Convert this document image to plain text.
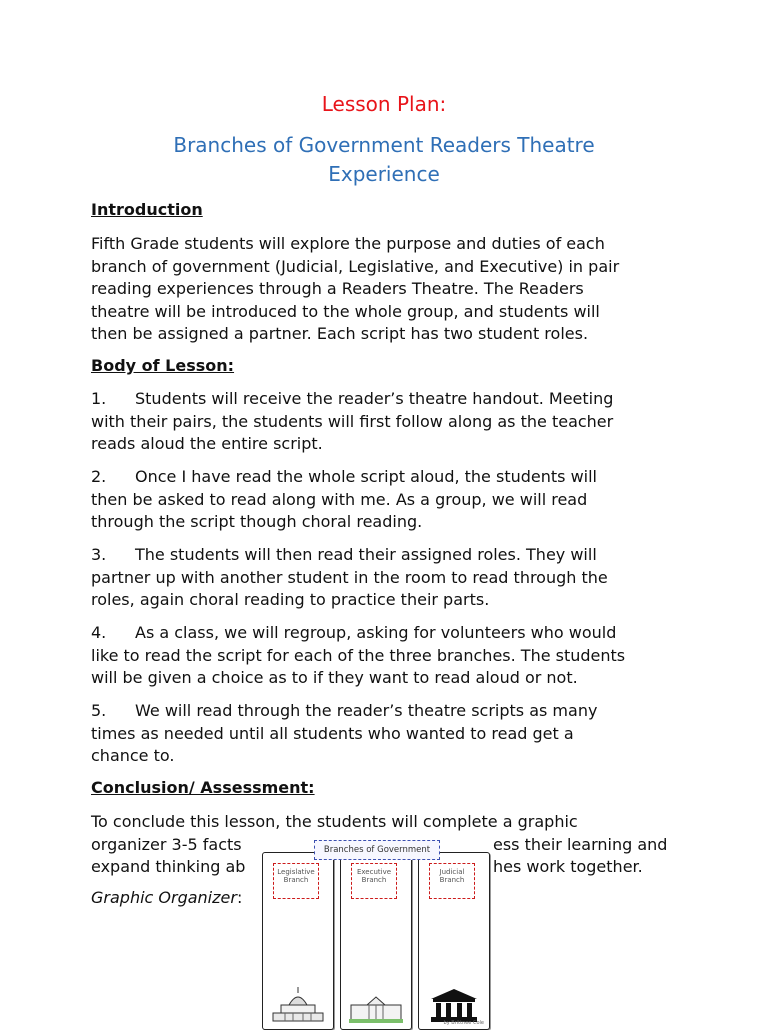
Lesson Plan:
Branches of Government Readers Theatre
Experience
Introduction
Fifth Grade students will explore the purpose and duties of each
branch of government (Judicial, Legislative, and Executive) in pair
reading experiences through a Readers Theatre. The Readers
theatre will be introduced to the whole group, and students will
then be assigned a partner. Each script has two student roles.
Body of Lesson:
1. Students will receive the reader’s theatre handout. Meeting
with their pairs, the students will first follow along as the teacher
reads aloud the entire script.
2. Once I have read the whole script aloud, the students will
then be asked to read along with me. As a group, we will read
through the script though choral reading.
3. The students will then read their assigned roles. They will
partner up with another student in the room to read through the
roles, again choral reading to practice their parts.
4. As a class, we will regroup, asking for volunteers who would
like to read the script for each of the three branches. The students
will be given a choice as to if they want to read aloud or not.
5. We will read through the reader’s theatre scripts as many
times as needed until all students who wanted to read get a
chance to.
Conclusion/ Assessment:
To conclude this lesson, the students will complete a graphic
organizer 3-5 facts	ess their learning and
expand thinking ab	hes work together.
Graphic Organizer:
Legislative Branch
Executive Branch
Judicial Branch
Branches of Government
by Brittnee Cole
